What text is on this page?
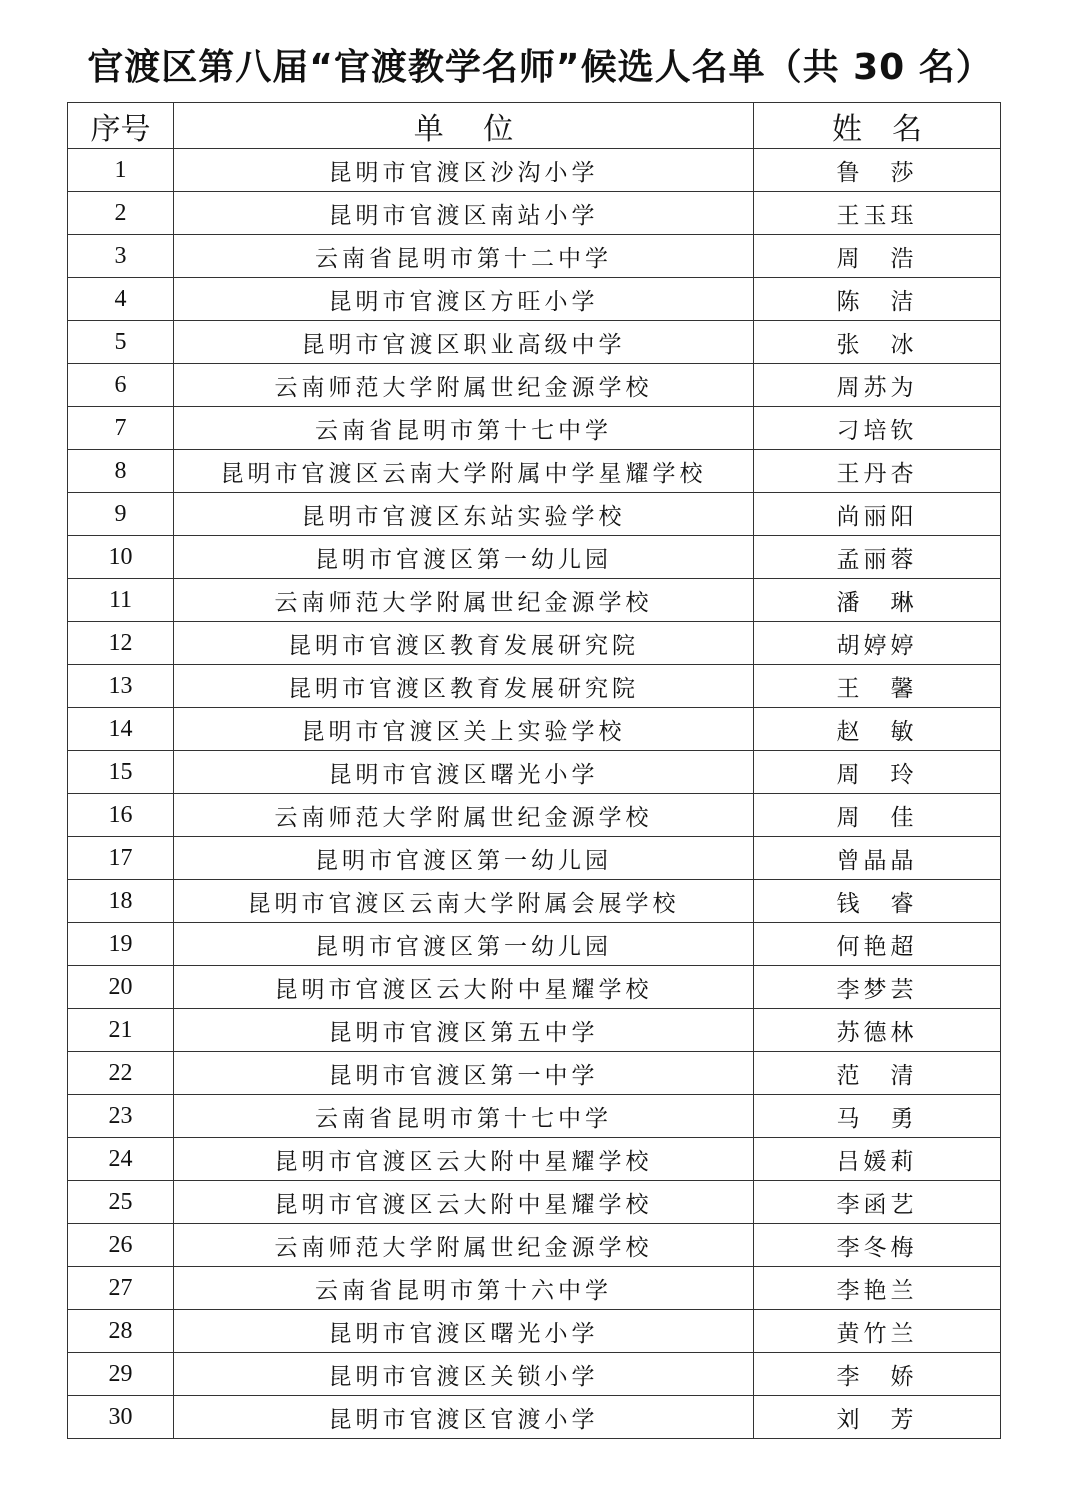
官渡区第八届“官渡教学名师”候选人名单（共 30 名）
序号	单　 位	姓　名
1	昆明市官渡区沙沟小学	鲁　莎
2	昆明市官渡区南站小学	王玉珏
3	云南省昆明市第十二中学	周　浩
4	昆明市官渡区方旺小学	陈　洁
5	昆明市官渡区职业高级中学	张　冰
6	云南师范大学附属世纪金源学校	周苏为
7	云南省昆明市第十七中学	刁培钦
8	昆明市官渡区云南大学附属中学星耀学校	王丹杏
9	昆明市官渡区东站实验学校	尚丽阳
10	昆明市官渡区第一幼儿园	孟丽蓉
11	云南师范大学附属世纪金源学校	潘　琳
12	昆明市官渡区教育发展研究院	胡婷婷
13	昆明市官渡区教育发展研究院	王　馨
14	昆明市官渡区关上实验学校	赵　敏
15	昆明市官渡区曙光小学	周　玲
16	云南师范大学附属世纪金源学校	周　佳
17	昆明市官渡区第一幼儿园	曾晶晶
18	昆明市官渡区云南大学附属会展学校	钱　睿
19	昆明市官渡区第一幼儿园	何艳超
20	昆明市官渡区云大附中星耀学校	李梦芸
21	昆明市官渡区第五中学	苏德林
22	昆明市官渡区第一中学	范　清
23	云南省昆明市第十七中学	马　勇
24	昆明市官渡区云大附中星耀学校	吕媛莉
25	昆明市官渡区云大附中星耀学校	李函艺
26	云南师范大学附属世纪金源学校	李冬梅
27	云南省昆明市第十六中学	李艳兰
28	昆明市官渡区曙光小学	黄竹兰
29	昆明市官渡区关锁小学	李　娇
30	昆明市官渡区官渡小学	刘　芳
